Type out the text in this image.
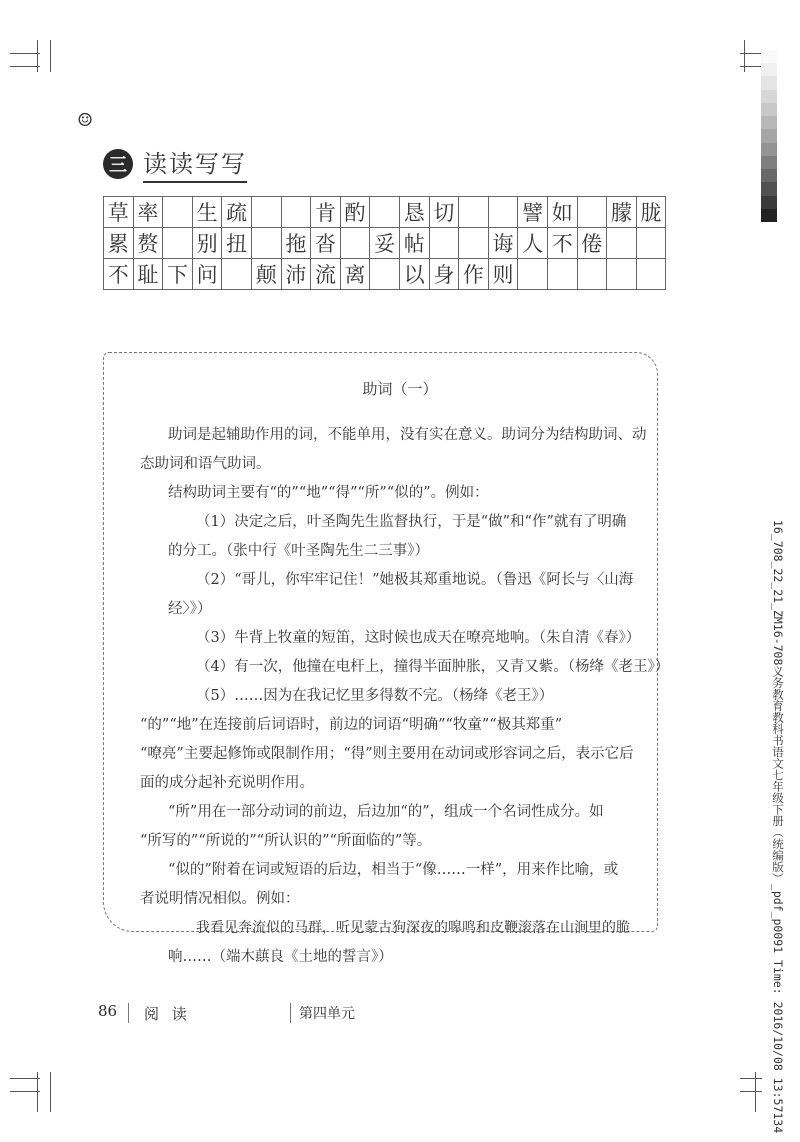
☺
三 读读写写
草	率		生	疏			肯	酌		恳	切			譬	如		朦	胧
累	赘		别	扭		拖	沓		妥	帖			诲	人	不	倦		
不	耻	下	问		颠	沛	流	离		以	身	作	则					
助词（一）
助词是起辅助作用的词，不能单用，没有实在意义。助词分为结构助词、动
态助词和语气助词。
结构助词主要有“的”“地”“得”“所”“似的”。例如：
（1）决定之后，叶圣陶先生监督执行，于是“做”和“作”就有了明确
的分工。（张中行《叶圣陶先生二三事》）
（2）“哥儿，你牢牢记住！”她极其郑重地说。（鲁迅《阿长与〈山海
经〉》）
（3）牛背上牧童的短笛，这时候也成天在嘹亮地响。（朱自清《春》）
（4）有一次，他撞在电杆上，撞得半面肿胀，又青又紫。（杨绛《老王》）
（5）……因为在我记忆里多得数不完。（杨绛《老王》）
“的”“地”在连接前后词语时，前边的词语“明确”“牧童”“极其郑重”
“嘹亮”主要起修饰或限制作用；“得”则主要用在动词或形容词之后，表示它后
面的成分起补充说明作用。
“所”用在一部分动词的前边，后边加“的”，组成一个名词性成分。如
“所写的”“所说的”“所认识的”“所面临的”等。
“似的”附着在词或短语的后边，相当于“像……一样”，用来作比喻，或
者说明情况相似。例如：
我看见奔流似的马群，听见蒙古狗深夜的嗥鸣和皮鞭滚落在山涧里的脆
响……（端木蕻良《土地的誓言》）
86 阅 读	第四单元	16_708_22_21_ZM16-708义务教育教科书语文七年级下册（统编版）_pdf_p0091 Time: 2016/10/08 13:57134
